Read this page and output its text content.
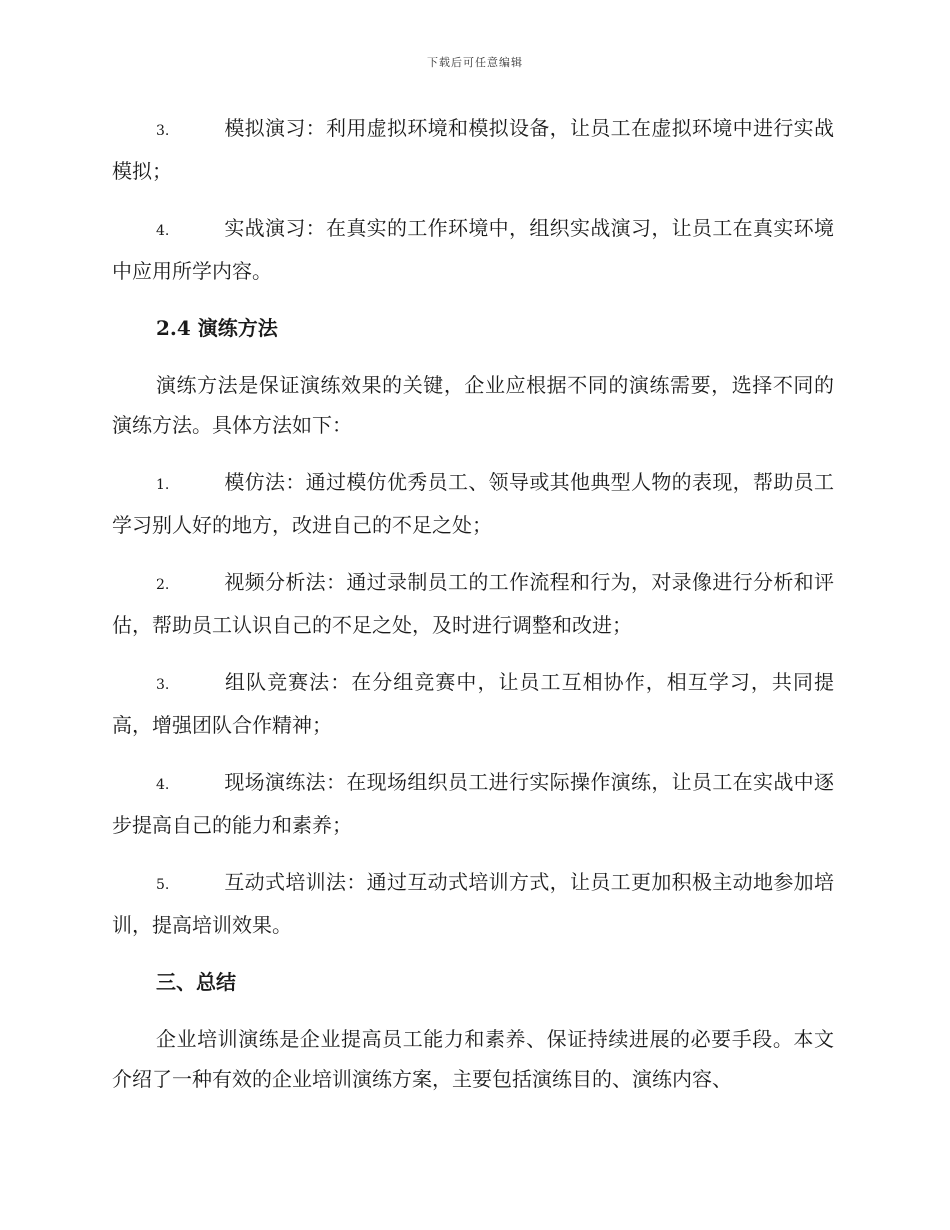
下载后可任意编辑

3.	模拟演习：利用虚拟环境和模拟设备，让员工在虚拟环境中进行实战模拟；

4.	实战演习：在真实的工作环境中，组织实战演习，让员工在真实环境中应用所学内容。

2.4 演练方法

演练方法是保证演练效果的关键，企业应根据不同的演练需要，选择不同的演练方法。具体方法如下：

1.	模仿法：通过模仿优秀员工、领导或其他典型人物的表现，帮助员工学习别人好的地方，改进自己的不足之处；

2.	视频分析法：通过录制员工的工作流程和行为，对录像进行分析和评估，帮助员工认识自己的不足之处，及时进行调整和改进；

3.	组队竞赛法：在分组竞赛中，让员工互相协作，相互学习，共同提高，增强团队合作精神；

4.	现场演练法：在现场组织员工进行实际操作演练，让员工在实战中逐步提高自己的能力和素养；

5.	互动式培训法：通过互动式培训方式，让员工更加积极主动地参加培训，提高培训效果。

三、总结

企业培训演练是企业提高员工能力和素养、保证持续进展的必要手段。本文介绍了一种有效的企业培训演练方案，主要包括演练目的、演练内容、
